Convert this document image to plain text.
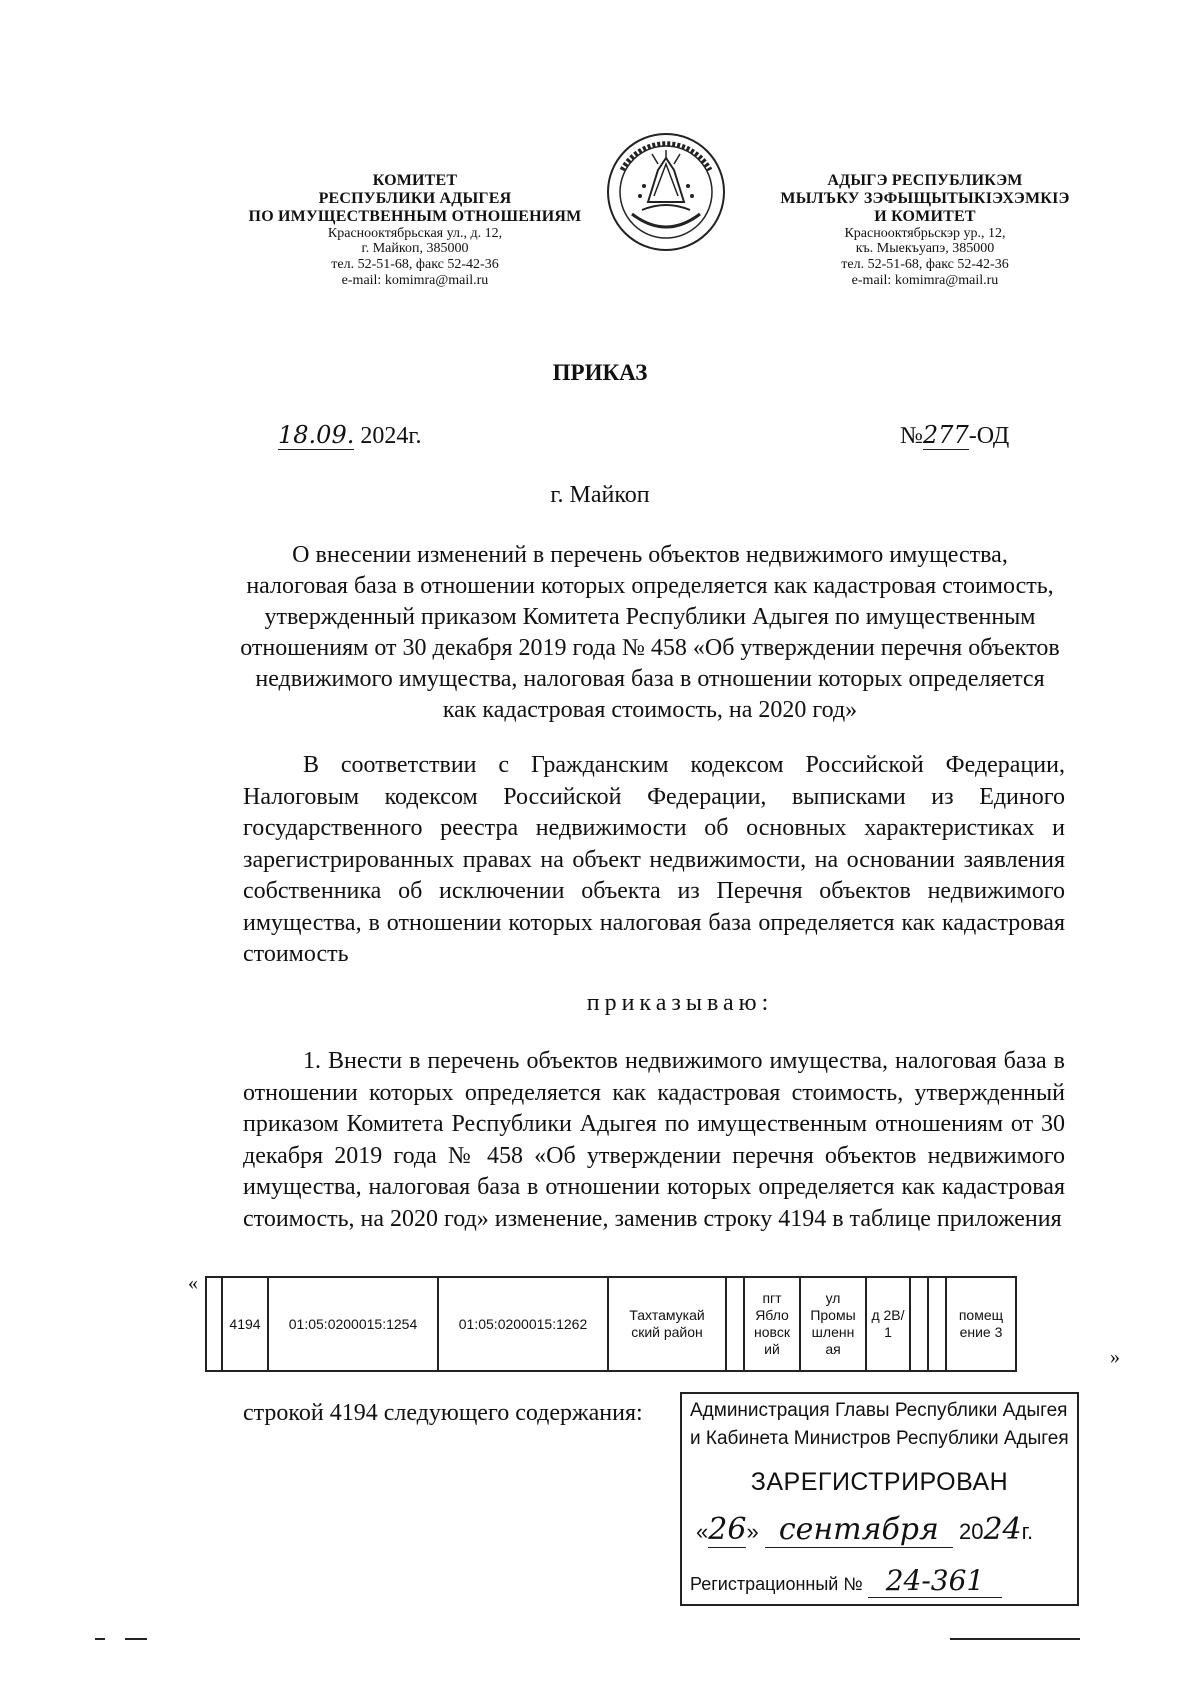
КОМИТЕТ
РЕСПУБЛИКИ АДЫГЕЯ
ПО ИМУЩЕСТВЕННЫМ ОТНОШЕНИЯМ
Краснооктябрьская ул., д. 12,
г. Майкоп, 385000
тел. 52-51-68, факс 52-42-36
e-mail: komimra@mail.ru
АДЫГЭ РЕСПУБЛИКЭМ
МЫЛЪКУ ЗЭФЫЩЫТЫКIЭХЭМКIЭ
И КОМИТЕТ
Краснооктябрьскэр ур., 12,
къ. Мыекъуапэ, 385000
тел. 52-51-68, факс 52-42-36
e-mail: komimra@mail.ru
ПРИКАЗ
18.09. 2024г.	№277-ОД
г. Майкоп
О внесении изменений в перечень объектов недвижимого имущества, налоговая база в отношении которых определяется как кадастровая стоимость, утвержденный приказом Комитета Республики Адыгея по имущественным отношениям от 30 декабря 2019 года № 458 «Об утверждении перечня объектов недвижимого имущества, налоговая база в отношении которых определяется как кадастровая стоимость, на 2020 год»
В соответствии с Гражданским кодексом Российской Федерации, Налоговым кодексом Российской Федерации, выписками из Единого государственного реестра недвижимости об основных характеристиках и зарегистрированных правах на объект недвижимости, на основании заявления собственника об исключении объекта из Перечня объектов недвижимого имущества, в отношении которых налоговая база определяется как кадастровая стоимость
приказываю:
1. Внести в перечень объектов недвижимого имущества, налоговая база в отношении которых определяется как кадастровая стоимость, утвержденный приказом Комитета Республики Адыгея по имущественным отношениям от 30 декабря 2019 года № 458 «Об утверждении перечня объектов недвижимого имущества, налоговая база в отношении которых определяется как кадастровая стоимость, на 2020 год» изменение, заменив строку 4194 в таблице приложения
«
	4194	01:05:0200015:1254	01:05:0200015:1262	Тахтамукай ский район		пгт Ябло новск ий	ул Промы шленн ая	д 2В/ 1			помещ ение 3
»
строкой 4194 следующего содержания: Администрация Главы Республики Адыгея
и Кабинета Министров Республики Адыгея
ЗАРЕГИСТРИРОВАН
«26» сентября 2024г.
Регистрационный № 24-361
